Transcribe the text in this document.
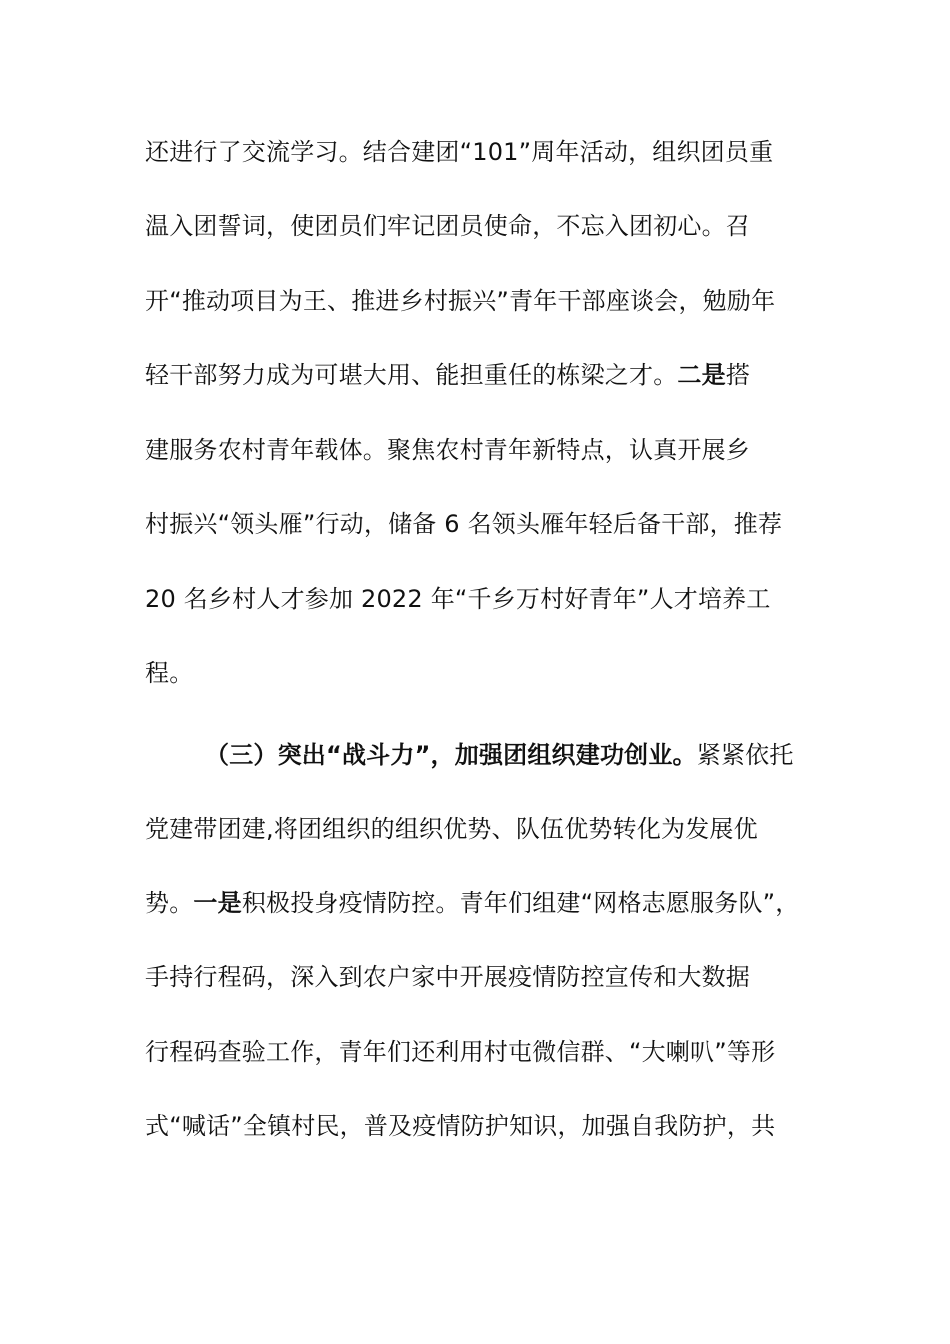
还进行了交流学习。结合建团“101”周年活动，组织团员重
温入团誓词，使团员们牢记团员使命，不忘入团初心。召
开“推动项目为王、推进乡村振兴”青年干部座谈会，勉励年
轻干部努力成为可堪大用、能担重任的栋梁之才。二是搭
建服务农村青年载体。聚焦农村青年新特点，认真开展乡
村振兴“领头雁”行动，储备 6 名领头雁年轻后备干部，推荐
20 名乡村人才参加 2022 年“千乡万村好青年”人才培养工
程。
（三）突出“战斗力”，加强团组织建功创业。紧紧依托
党建带团建,将团组织的组织优势、队伍优势转化为发展优
势。一是积极投身疫情防控。青年们组建“网格志愿服务队”，
手持行程码，深入到农户家中开展疫情防控宣传和大数据
行程码查验工作，青年们还利用村屯微信群、“大喇叭”等形
式“喊话”全镇村民，普及疫情防护知识，加强自我防护，共
